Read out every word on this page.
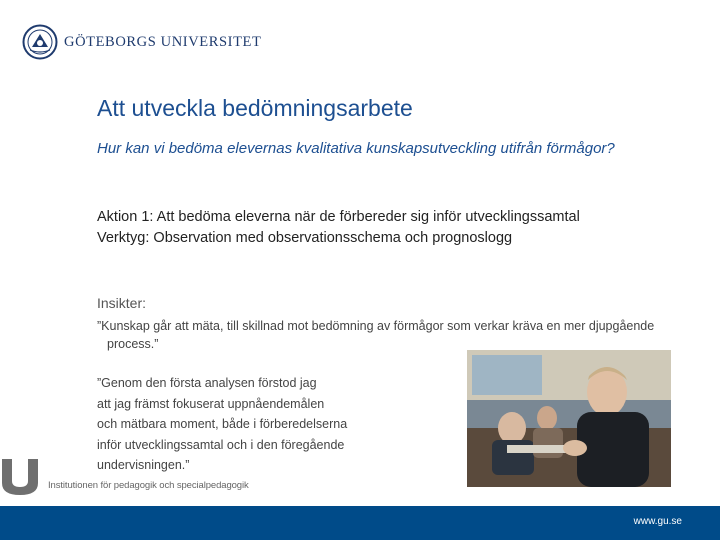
GÖTEBORGS UNIVERSITET
Att utveckla bedömningsarbete
Hur kan vi bedöma elevernas kvalitativa kunskapsutveckling utifrån förmågor?
Aktion 1: Att bedöma eleverna när de förbereder sig inför utvecklingssamtal
Verktyg: Observation med observationsschema och prognoslogg
Insikter:
”Kunskap går att mäta, till skillnad mot bedömning av förmågor som verkar kräva en mer djupgående process.”
”Genom den första analysen förstod jag
att jag främst fokuserat uppnåendemålen
och mätbara moment, både i förberedelserna
inför utvecklingssamtal och i den föregående
undervisningen.”
Institutionen för pedagogik och specialpedagogik
www.gu.se
